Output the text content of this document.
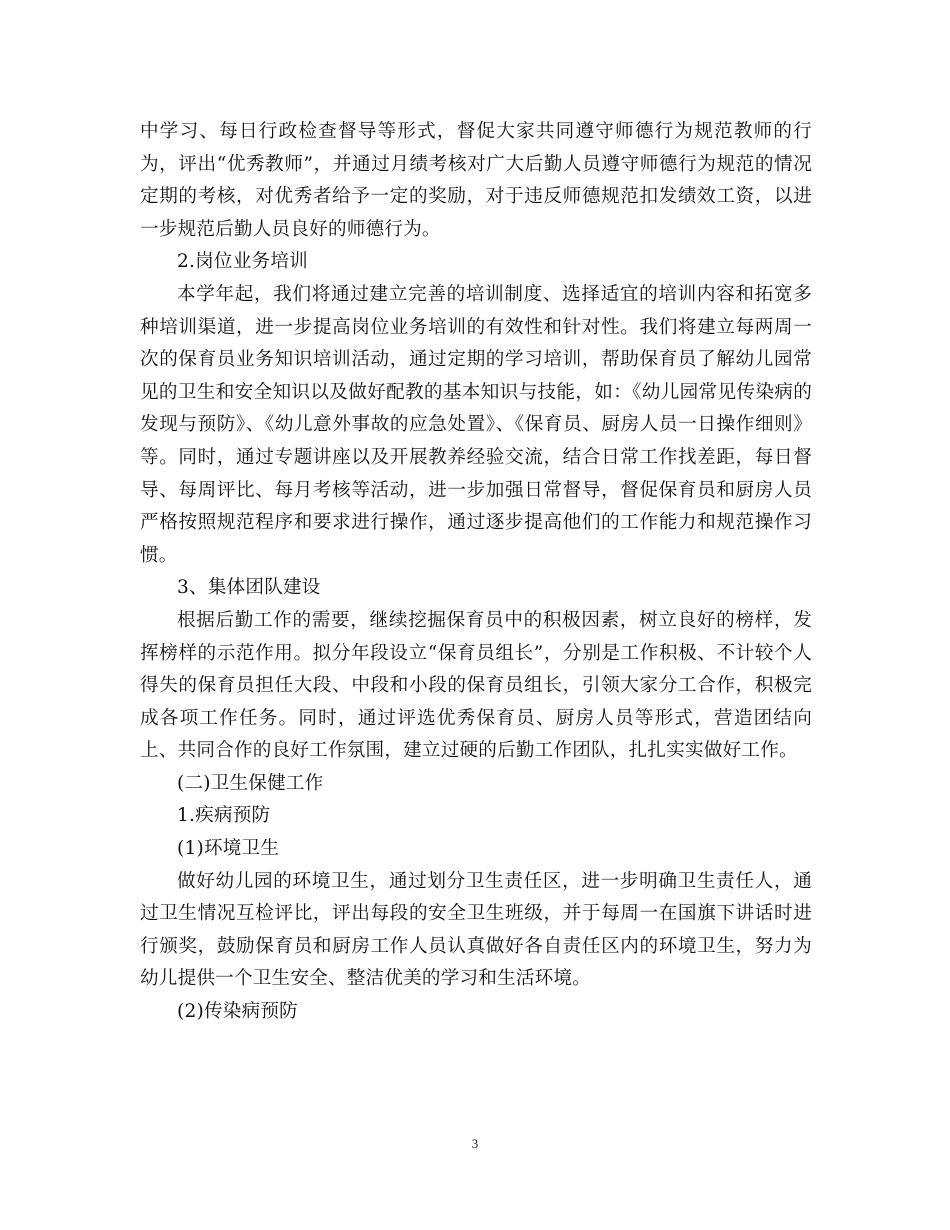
中学习、每日行政检查督导等形式，督促大家共同遵守师德行为规范教师的行为，评出“优秀教师”，并通过月绩考核对广大后勤人员遵守师德行为规范的情况定期的考核，对优秀者给予一定的奖励，对于违反师德规范扣发绩效工资，以进一步规范后勤人员良好的师德行为。

2.岗位业务培训

本学年起，我们将通过建立完善的培训制度、选择适宜的培训内容和拓宽多种培训渠道，进一步提高岗位业务培训的有效性和针对性。我们将建立每两周一次的保育员业务知识培训活动，通过定期的学习培训，帮助保育员了解幼儿园常见的卫生和安全知识以及做好配教的基本知识与技能，如：《幼儿园常见传染病的发现与预防》、《幼儿意外事故的应急处置》、《保育员、厨房人员一日操作细则》等。同时，通过专题讲座以及开展教养经验交流，结合日常工作找差距，每日督导、每周评比、每月考核等活动，进一步加强日常督导，督促保育员和厨房人员严格按照规范程序和要求进行操作，通过逐步提高他们的工作能力和规范操作习惯。

3、集体团队建设

根据后勤工作的需要，继续挖掘保育员中的积极因素，树立良好的榜样，发挥榜样的示范作用。拟分年段设立“保育员组长”，分别是工作积极、不计较个人得失的保育员担任大段、中段和小段的保育员组长，引领大家分工合作，积极完成各项工作任务。同时，通过评选优秀保育员、厨房人员等形式，营造团结向上、共同合作的良好工作氛围，建立过硬的后勤工作团队，扎扎实实做好工作。

(二)卫生保健工作

1.疾病预防

(1)环境卫生

做好幼儿园的环境卫生，通过划分卫生责任区，进一步明确卫生责任人，通过卫生情况互检评比，评出每段的安全卫生班级，并于每周一在国旗下讲话时进行颁奖，鼓励保育员和厨房工作人员认真做好各自责任区内的环境卫生，努力为幼儿提供一个卫生安全、整洁优美的学习和生活环境。

(2)传染病预防

3
